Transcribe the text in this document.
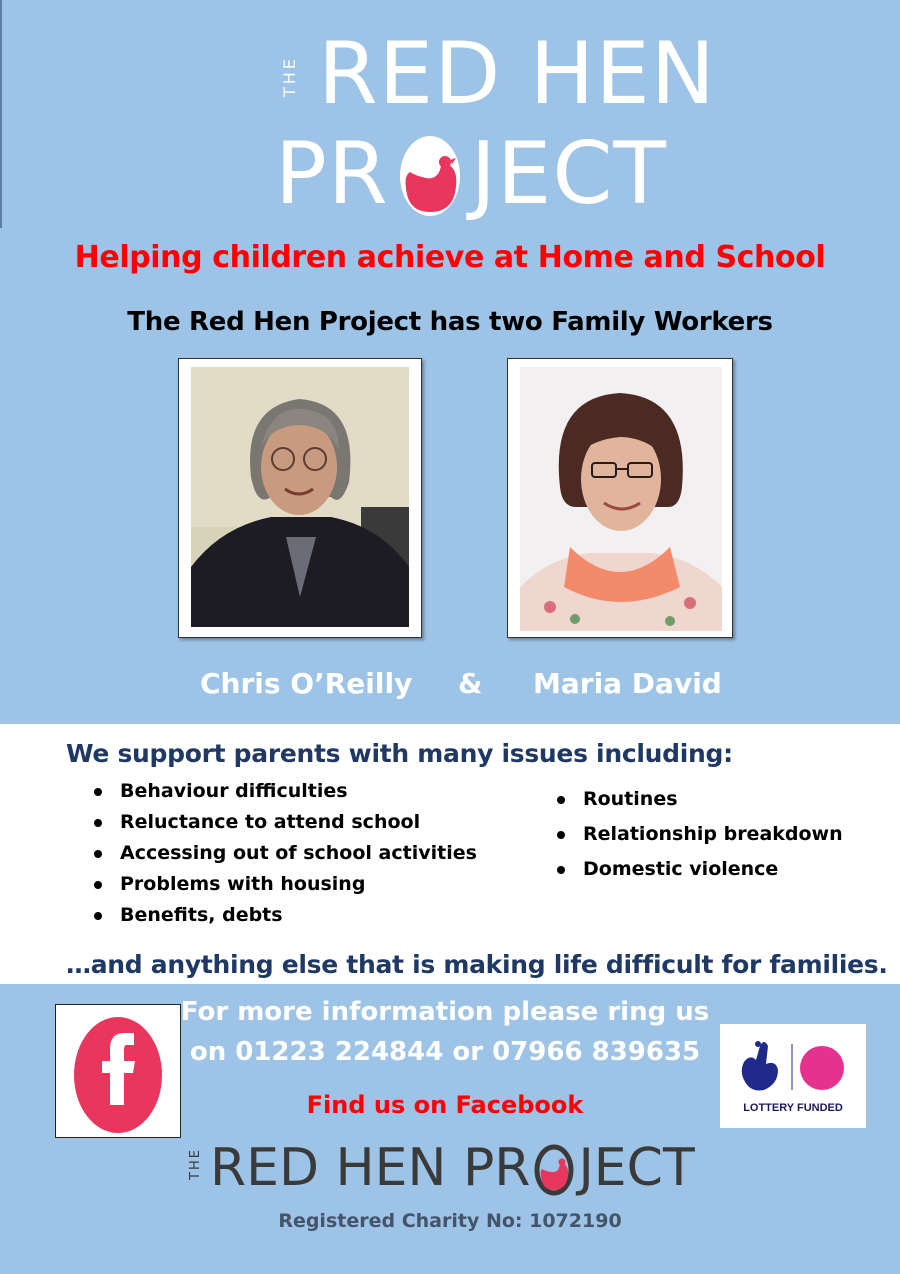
THE RED HEN
PR JECT
Helping children achieve at Home and School
The Red Hen Project has two Family Workers
Chris O’Reilly & Maria David
We support parents with many issues including:
Behaviour difficulties
Reluctance to attend school
Accessing out of school activities
Problems with housing
Benefits, debts
Routines
Relationship breakdown
Domestic violence
…and anything else that is making life difficult for families.
For more information please ring us
on 01223 224844 or 07966 839635
Find us on Facebook	LOTTERY FUNDED
THE RED HEN PR JECT
Registered Charity No: 1072190
